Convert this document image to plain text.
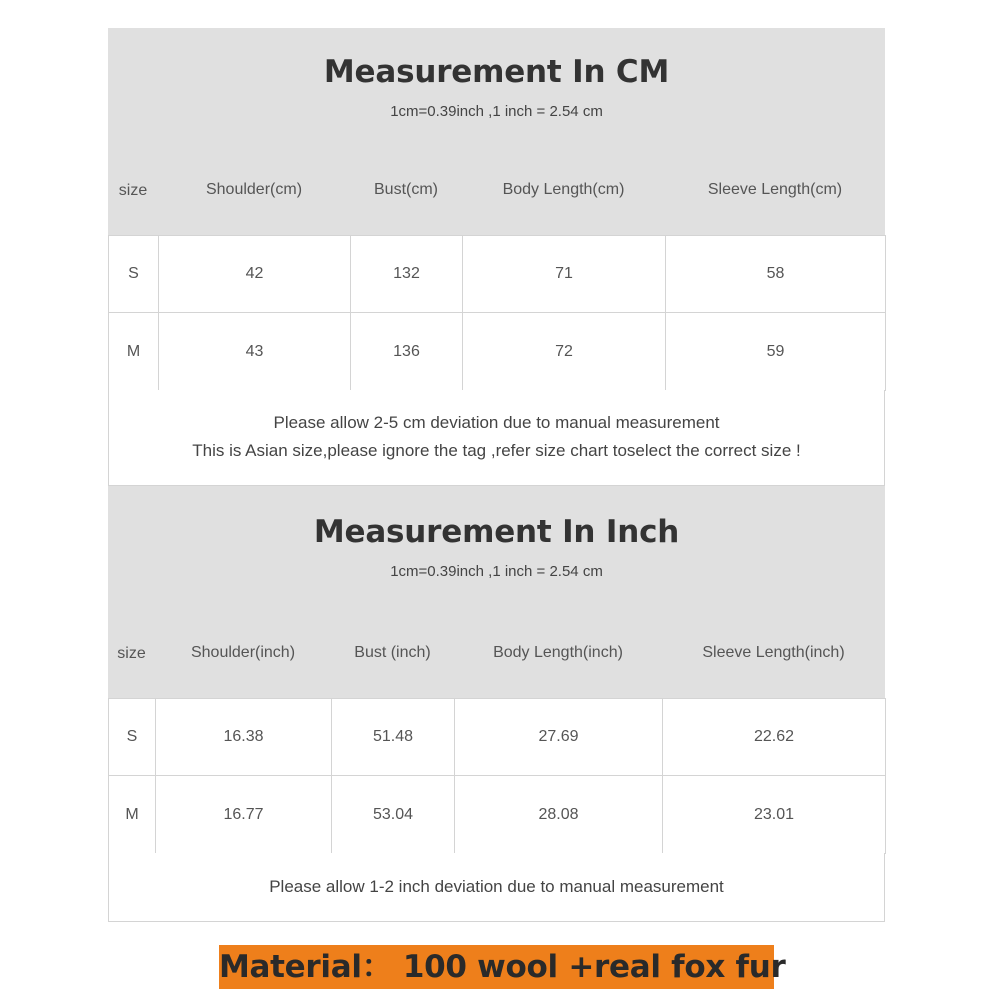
Measurement In CM
1cm=0.39inch ,1 inch = 2.54 cm
size	Shoulder(cm)	Bust(cm)	Body Length(cm)	Sleeve Length(cm)
S	42	132	71	58
M	43	136	72	59
Please allow 2-5 cm deviation due to manual measurement
This is Asian size,please ignore the tag ,refer size chart toselect the correct size !
Measurement In Inch
1cm=0.39inch ,1 inch = 2.54 cm
size	Shoulder(inch)	Bust (inch)	Body Length(inch)	Sleeve Length(inch)
S	16.38	51.48	27.69	22.62
M	16.77	53.04	28.08	23.01
Please allow 1-2 inch deviation due to manual measurement
Material： 100 wool +real fox fur
